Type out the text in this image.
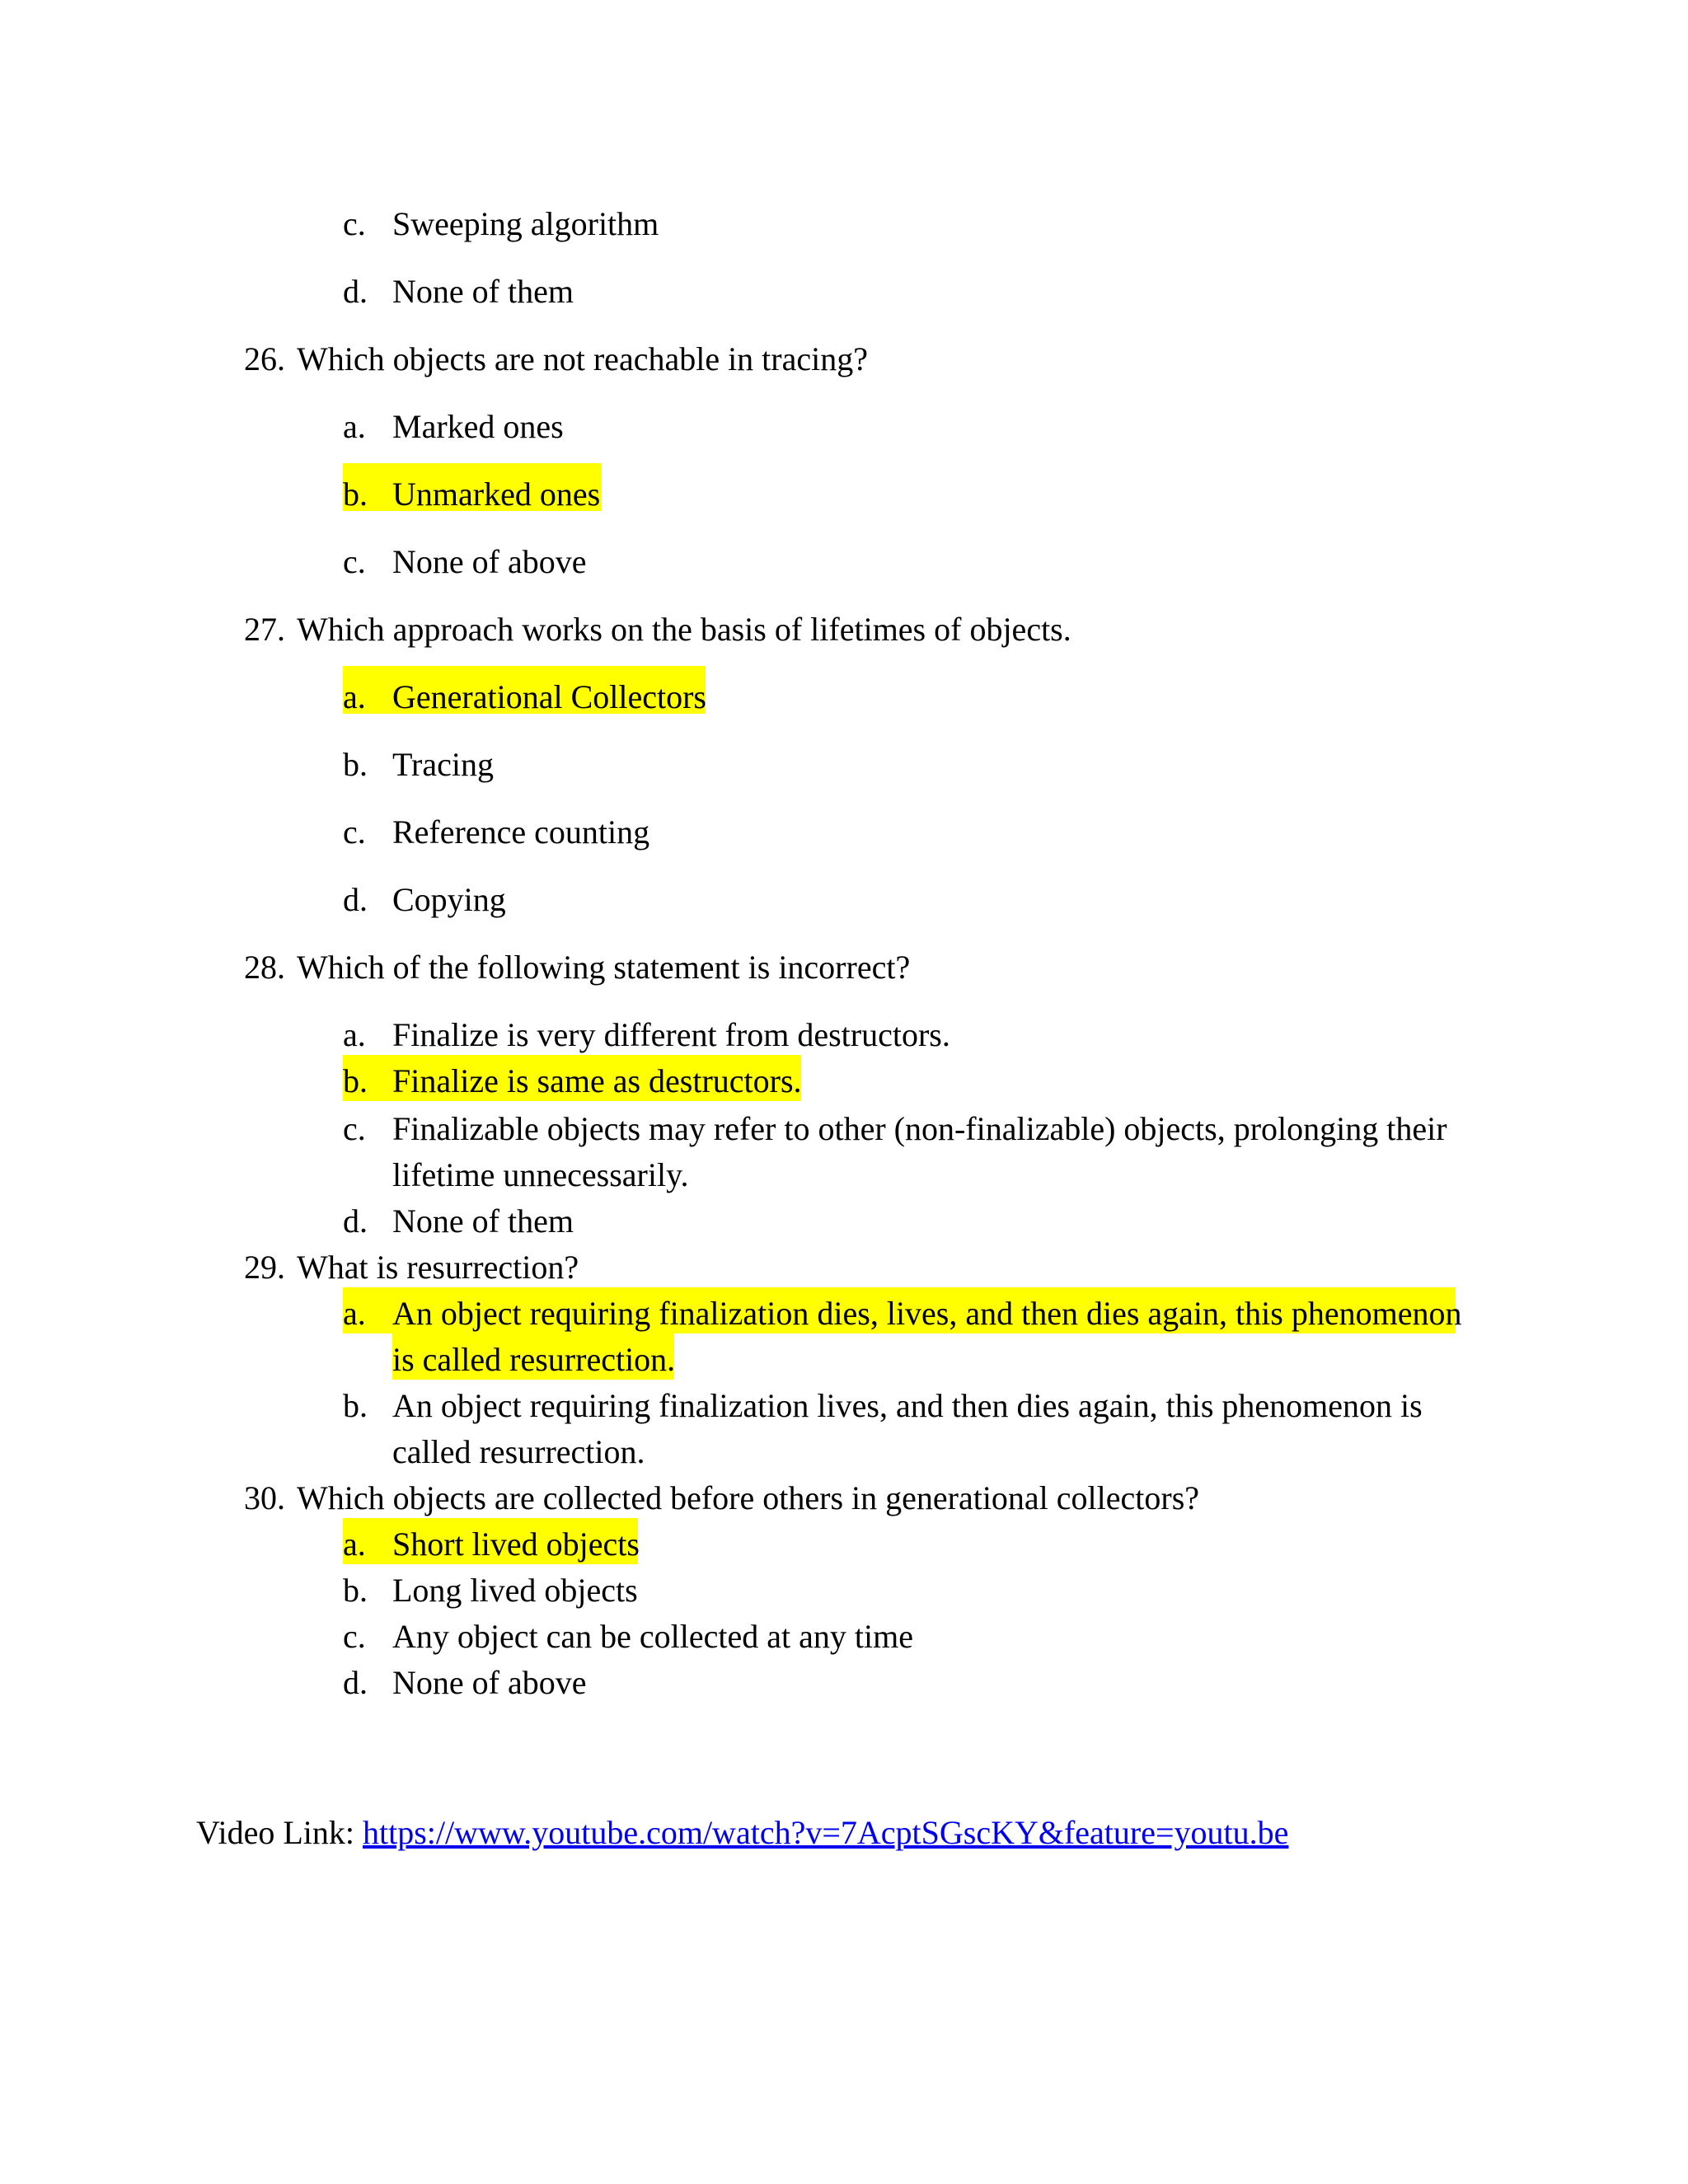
c. Sweeping algorithm
d. None of them
26. Which objects are not reachable in tracing?
a. Marked ones
b. Unmarked ones
c. None of above
27. Which approach works on the basis of lifetimes of objects.
a. Generational Collectors
b. Tracing
c. Reference counting
d. Copying
28. Which of the following statement is incorrect?
a. Finalize is very different from destructors.
b. Finalize is same as destructors.
c. Finalizable objects may refer to other (non-finalizable) objects, prolonging their
lifetime unnecessarily.
d. None of them
29. What is resurrection?
a. An object requiring finalization dies, lives, and then dies again, this phenomenon
is called resurrection.
b. An object requiring finalization lives, and then dies again, this phenomenon is
called resurrection.
30. Which objects are collected before others in generational collectors?
a. Short lived objects
b. Long lived objects
c. Any object can be collected at any time
d. None of above
Video Link: https://www.youtube.com/watch?v=7AcptSGscKY&feature=youtu.be
